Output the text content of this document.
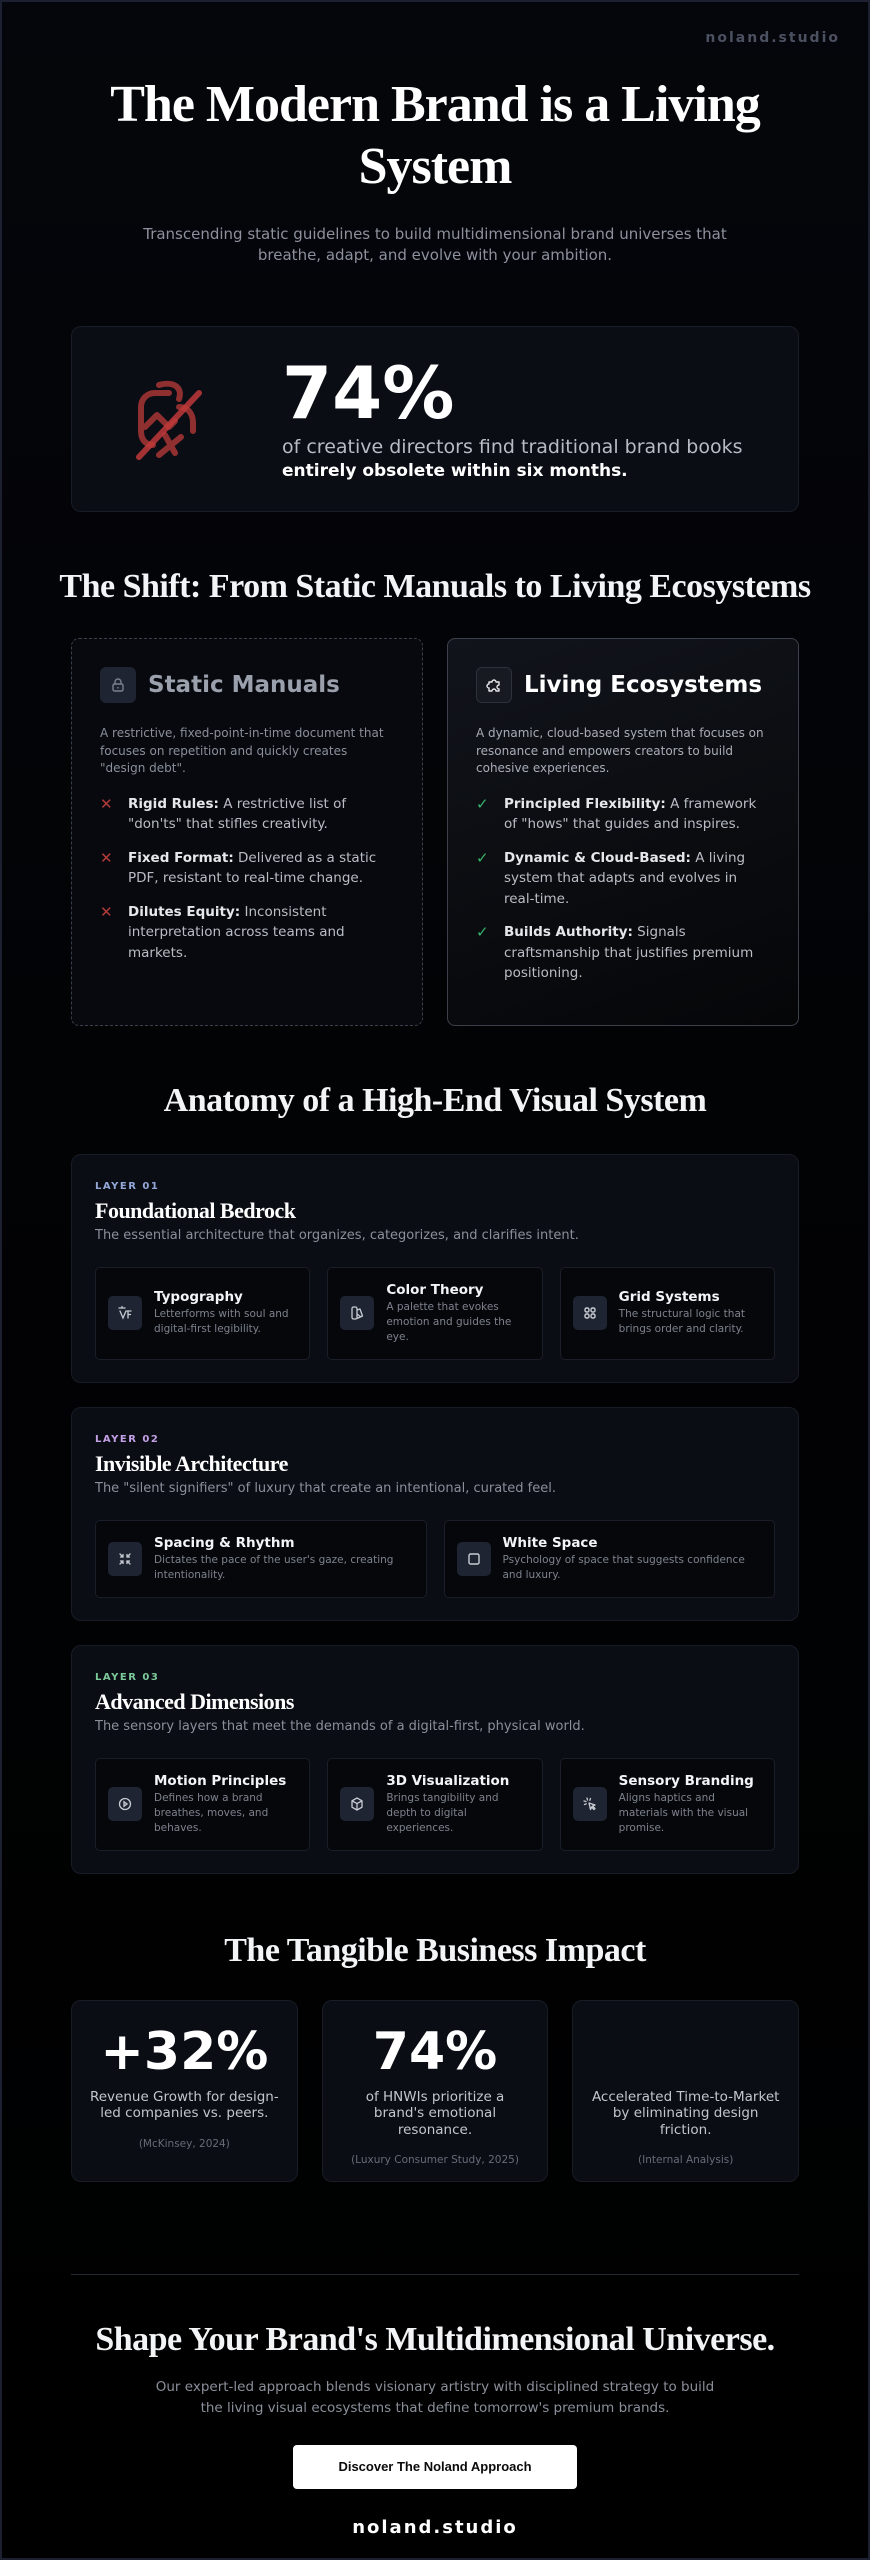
noland.studio
The Modern Brand is a Living System

Transcending static guidelines to build multidimensional brand universes that breathe, adapt, and evolve with your ambition.

74%
of creative directors find traditional brand books
entirely obsolete within six months.
The Shift: From Static Manuals to Living Ecosystems
Static Manuals

A restrictive, fixed-point-in-time document that focuses on repetition and quickly creates "design debt".

✕ Rigid Rules: A restrictive list of "don'ts" that stifles creativity.
✕ Fixed Format: Delivered as a static PDF, resistant to real-time change.
✕ Dilutes Equity: Inconsistent interpretation across teams and markets.
Living Ecosystems

A dynamic, cloud-based system that focuses on resonance and empowers creators to build cohesive experiences.

✓ Principled Flexibility: A framework of "hows" that guides and inspires.
✓ Dynamic & Cloud-Based: A living system that adapts and evolves in real-time.
✓ Builds Authority: Signals craftsmanship that justifies premium positioning.
Anatomy of a High-End Visual System
LAYER 01
Foundational Bedrock

The essential architecture that organizes, categorizes, and clarifies intent.

Typography

Letterforms with soul and digital-first legibility.

Color Theory

A palette that evokes emotion and guides the eye.

Grid Systems

The structural logic that brings order and clarity.

LAYER 02
Invisible Architecture

The "silent signifiers" of luxury that create an intentional, curated feel.

Spacing & Rhythm

Dictates the pace of the user's gaze, creating intentionality.

White Space

Psychology of space that suggests confidence and luxury.

LAYER 03
Advanced Dimensions

The sensory layers that meet the demands of a digital-first, physical world.

Motion Principles

Defines how a brand breathes, moves, and behaves.

3D Visualization

Brings tangibility and depth to digital experiences.

Sensory Branding

Aligns haptics and materials with the visual promise.

The Tangible Business Impact
+32%
Revenue Growth for design-led companies vs. peers.
(McKinsey, 2024)
74%
of HNWIs prioritize a brand's emotional resonance.
(Luxury Consumer Study, 2025)
Accelerated Time-to-Market by eliminating design friction.
(Internal Analysis)
Shape Your Brand's Multidimensional Universe.

Our expert-led approach blends visionary artistry with disciplined strategy to build the living visual ecosystems that define tomorrow's premium brands.

Discover The Noland Approach
noland.studio
